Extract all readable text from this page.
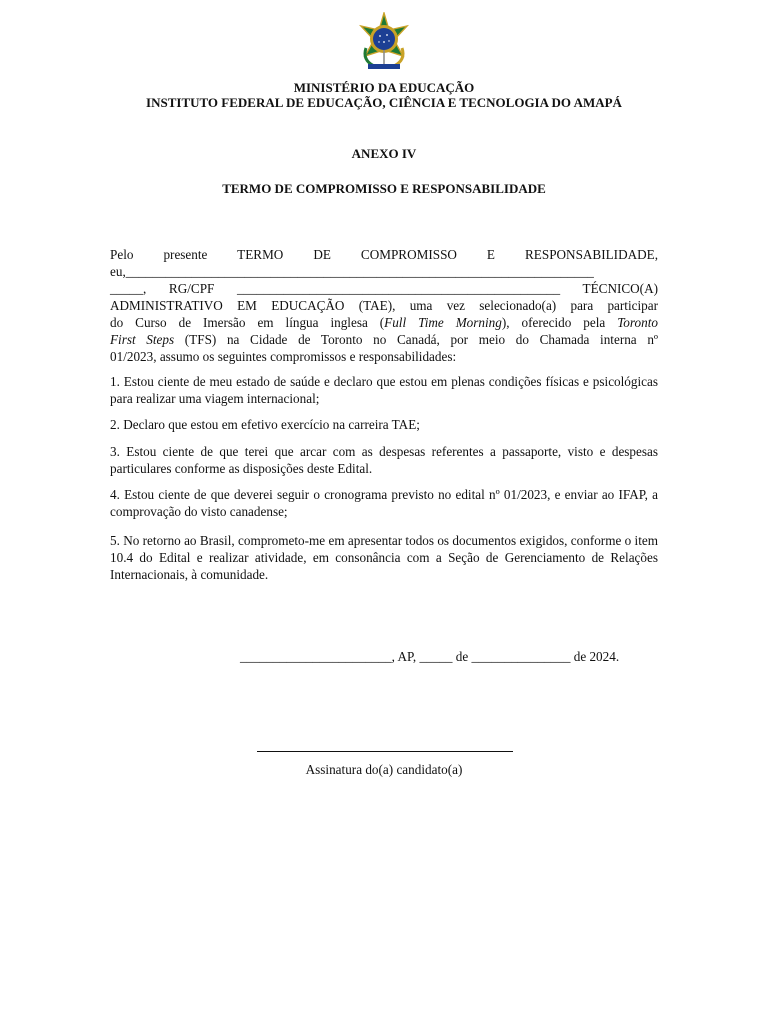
MINISTÉRIO DA EDUCAÇÃO
INSTITUTO FEDERAL DE EDUCAÇÃO, CIÊNCIA E TECNOLOGIA DO AMAPÁ
ANEXO IV
TERMO DE COMPROMISSO E RESPONSABILIDADE
Pelo presente TERMO DE COMPROMISSO E RESPONSABILIDADE,
eu,_______________________________________________________________________
_____, RG/CPF _________________________________________________ TÉCNICO(A)
ADMINISTRATIVO EM EDUCAÇÃO (TAE), uma vez selecionado(a) para participar
do Curso de Imersão em língua inglesa (Full Time Morning), oferecido pela Toronto
First Steps (TFS) na Cidade de Toronto no Canadá, por meio do Chamada interna nº
01/2023, assumo os seguintes compromissos e responsabilidades:
1. Estou ciente de meu estado de saúde e declaro que estou em plenas condições físicas e psicológicas para realizar uma viagem internacional;
2. Declaro que estou em efetivo exercício na carreira TAE;
3. Estou ciente de que terei que arcar com as despesas referentes a passaporte, visto e despesas particulares conforme as disposições deste Edital.
4. Estou ciente de que deverei seguir o cronograma previsto no edital nº 01/2023, e enviar ao IFAP, a comprovação do visto canadense;
5. No retorno ao Brasil, comprometo-me em apresentar todos os documentos exigidos, conforme o item 10.4 do Edital e realizar atividade, em consonância com a Seção de Gerenciamento de Relações Internacionais, à comunidade.
_______________________, AP, _____ de _______________ de 2024.
Assinatura do(a) candidato(a)
